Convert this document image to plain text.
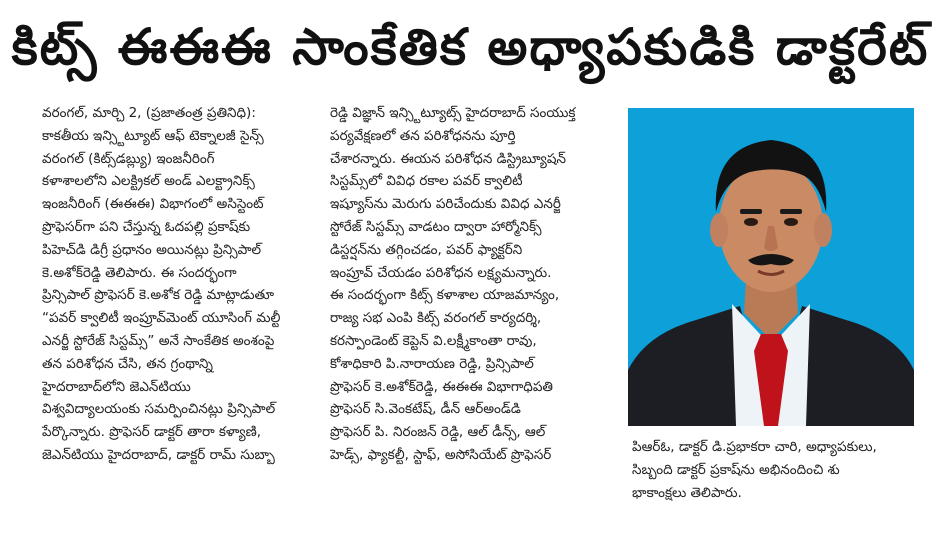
కిట్స్ ఈఈఈ సాంకేతిక అధ్యాపకుడికి డాక్టరేట్
వరంగల్, మార్చి 2, (ప్రజాతంత్ర ప్రతినిధి):
కాకతీయ ఇన్స్టిట్యూట్ ఆఫ్ టెక్నాలజీ సైన్స్
వరంగల్ (కిట్స్‌డబ్ల్యు) ఇంజనీరింగ్
కళాశాలలోని ఎలక్ట్రికల్ అండ్ ఎలక్ట్రానిక్స్
ఇంజనీరింగ్ (ఈఈఈ) విభాగంలో అసిస్టెంట్
ప్రొఫెసర్‌గా పని చేస్తున్న ఓదపల్లి ప్రకాష్‌కు
పిహెచ్‌డి డిగ్రీ ప్రధానం అయినట్లు ప్రిన్సిపాల్
కె.అశోక్‌రెడ్డి తెలిపారు. ఈ సందర్భంగా
ప్రిన్సిపాల్ ప్రొఫెసర్ కె.అశోక రెడ్డి మాట్లాడుతూ
“పవర్ క్వాలిటీ ఇంప్రూవ్‌మెంట్ యూసింగ్ మల్టీ
ఎనర్జీ స్టోరేజ్ సిస్టమ్స్” అనే సాంకేతిక అంశంపై
తన పరిశోధన చేసి, తన గ్రంథాన్ని
హైదరాబాద్‌లోని జెఎన్‌టియు
విశ్వవిద్యాలయంకు సమర్పించినట్లు ప్రిన్సిపాల్
పేర్కొన్నారు. ప్రొఫెసర్ డాక్టర్ తారా కళ్యాణి,
జెఎన్‌టియు హైదరాబాద్, డాక్టర్ రామ్ సుబ్బా
రెడ్డి విజ్ఞాన్ ఇన్స్టిట్యూట్స్ హైదరాబాద్ సంయుక్త
పర్యవేక్షణలో తన పరిశోధనను పూర్తి
చేశారన్నారు. ఈయన పరిశోధన డిస్ట్రిబ్యూషన్
సిస్టమ్స్‌లో వివిధ రకాల పవర్ క్వాలిటీ
ఇష్యూస్‌ను మెరుగు పరిచేందుకు వివిధ ఎనర్జీ
స్టోరేజ్ సిస్టమ్స్ వాడటం ద్వారా హార్మోనిక్స్
డిస్టర్షన్‌ను తగ్గించడం, పవర్ ఫ్యాక్టర్‌ని
ఇంప్రూవ్ చేయడం పరిశోధన లక్ష్యమన్నారు.
ఈ సందర్భంగా కిట్స్ కళాశాల యాజమాన్యం,
రాజ్య సభ ఎంపి కిట్స్ వరంగల్ కార్యదర్శి,
కరస్పాండెంట్ కెప్టెన్ వి.లక్ష్మీకాంతా రావు,
కోశాధికారి పి.నారాయణ రెడ్డి, ప్రిన్సిపాల్
ప్రొఫెసర్ కె.అశోక్‌రెడ్డి, ఈఈఈ విభాగాధిపతి
ప్రొఫెసర్ సి.వెంకటేష్, డీన్ ఆర్‌అండ్‌డి
ప్రొఫెసర్ పి. నిరంజన్ రెడ్డి, ఆల్ డీన్స్, ఆల్
హెడ్స్, ఫ్యాకల్టీ, స్టాఫ్, అసోసియేట్ ప్రొఫెసర్	పిఆర్ఓ, డాక్టర్ డి.ప్రభాకరా చారి, అధ్యాపకులు,
సిబ్బంది డాక్టర్ ప్రకాష్‌ను అభినందించి శు
భాకాంక్షలు తెలిపారు.
